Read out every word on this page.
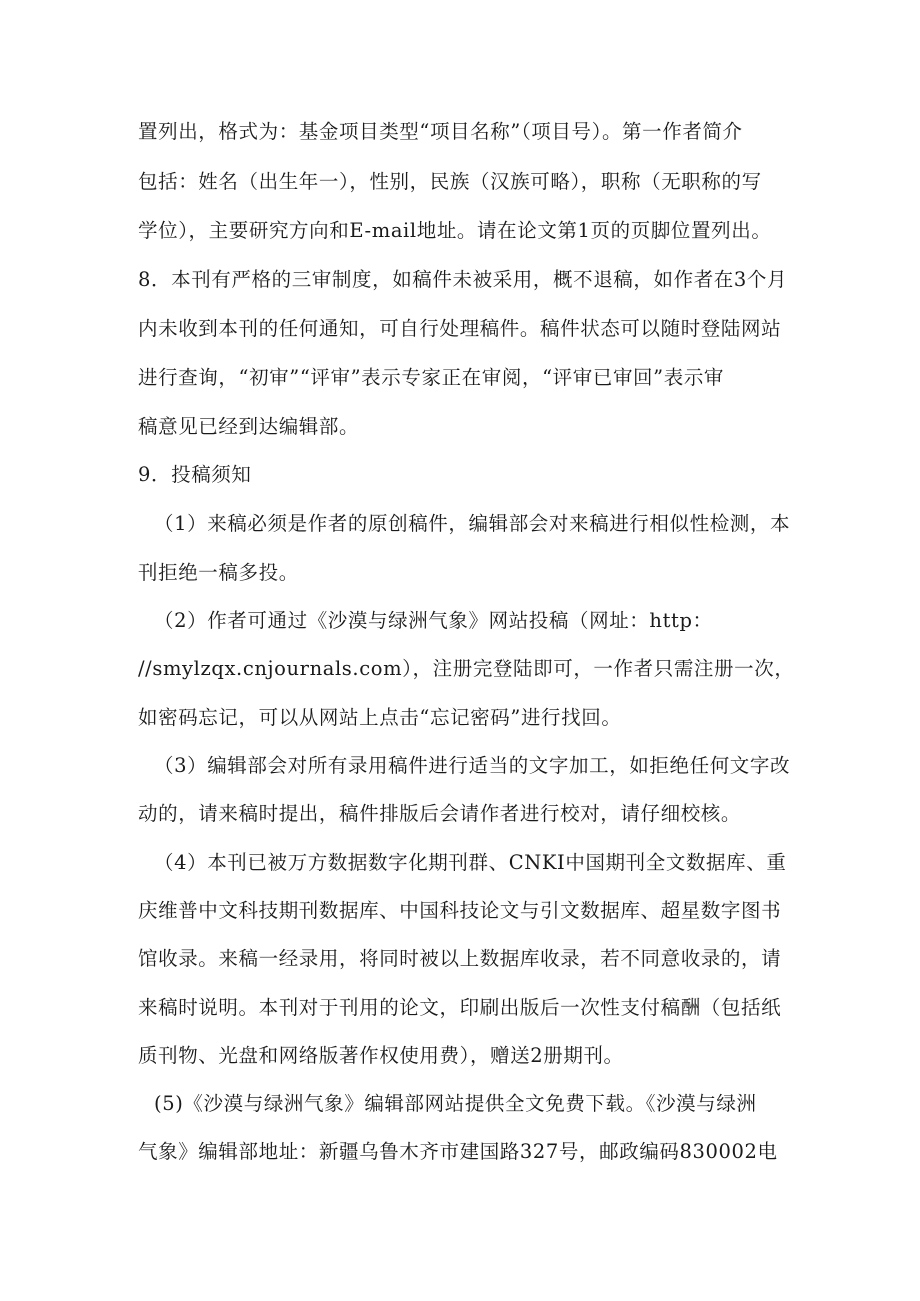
置列出，格式为：基金项目类型“项目名称”（项目号）。第一作者简介
包括：姓名（出生年一），性别，民族（汉族可略），职称（无职称的写
学位），主要研究方向和E-mail地址。请在论文第1页的页脚位置列出。
8．本刊有严格的三审制度，如稿件未被采用，概不退稿，如作者在3个月
内未收到本刊的任何通知，可自行处理稿件。稿件状态可以随时登陆网站
进行查询，“初审”“评审”表示专家正在审阅，“评审已审回”表示审
稿意见已经到达编辑部。
9．投稿须知
（1）来稿必须是作者的原创稿件，编辑部会对来稿进行相似性检测，本
刊拒绝一稿多投。
（2）作者可通过《沙漠与绿洲气象》网站投稿（网址：http：
//smylzqx.cnjournals.com），注册完登陆即可，一作者只需注册一次，
如密码忘记，可以从网站上点击“忘记密码”进行找回。
（3）编辑部会对所有录用稿件进行适当的文字加工，如拒绝任何文字改
动的，请来稿时提出，稿件排版后会请作者进行校对，请仔细校核。
（4）本刊已被万方数据数字化期刊群、CNKI中国期刊全文数据库、重
庆维普中文科技期刊数据库、中国科技论文与引文数据库、超星数字图书
馆收录。来稿一经录用，将同时被以上数据库收录，若不同意收录的，请
来稿时说明。本刊对于刊用的论文，印刷出版后一次性支付稿酬（包括纸
质刊物、光盘和网络版著作权使用费），赠送2册期刊。
(5)《沙漠与绿洲气象》编辑部网站提供全文免费下载。《沙漠与绿洲
气象》编辑部地址：新疆乌鲁木齐市建国路327号，邮政编码830002电
